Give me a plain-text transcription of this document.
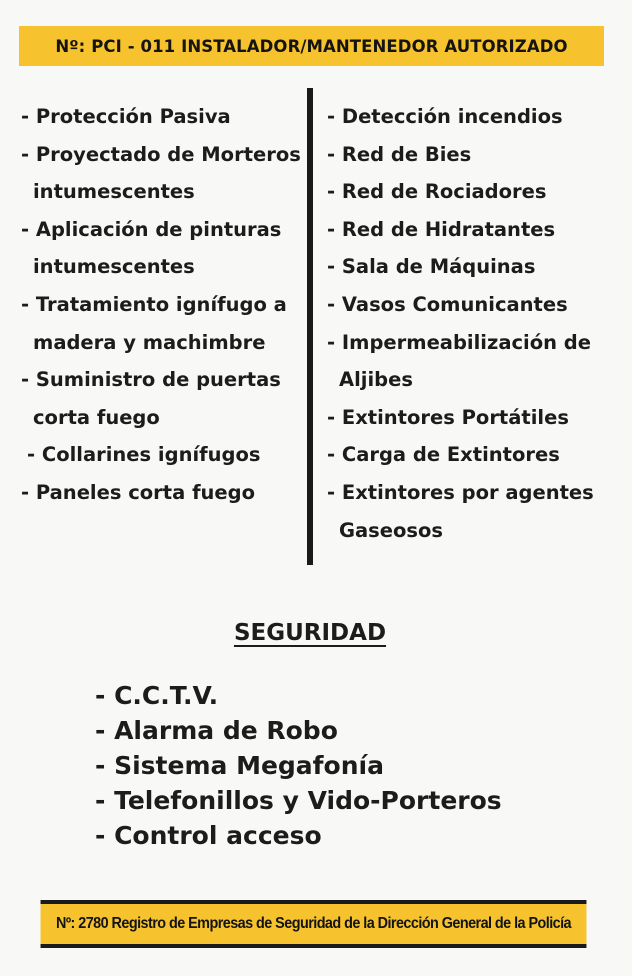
Nº: PCI - 011 INSTALADOR/MANTENEDOR AUTORIZADO
- Protección Pasiva
- Proyectado de Morteros
intumescentes
- Aplicación de pinturas
intumescentes
- Tratamiento ignífugo a
madera y machimbre
- Suministro de puertas
corta fuego
- Collarines ignífugos
- Paneles corta fuego
- Detección incendios
- Red de Bies
- Red de Rociadores
- Red de Hidratantes
- Sala de Máquinas
- Vasos Comunicantes
- Impermeabilización de
Aljibes
- Extintores Portátiles
- Carga de Extintores
- Extintores por agentes
Gaseosos
SEGURIDAD
- C.C.T.V.
- Alarma de Robo
- Sistema Megafonía
- Telefonillos y Vido-Porteros
- Control acceso
Nº: 2780 Registro de Empresas de Seguridad de la Dirección General de la Policía
